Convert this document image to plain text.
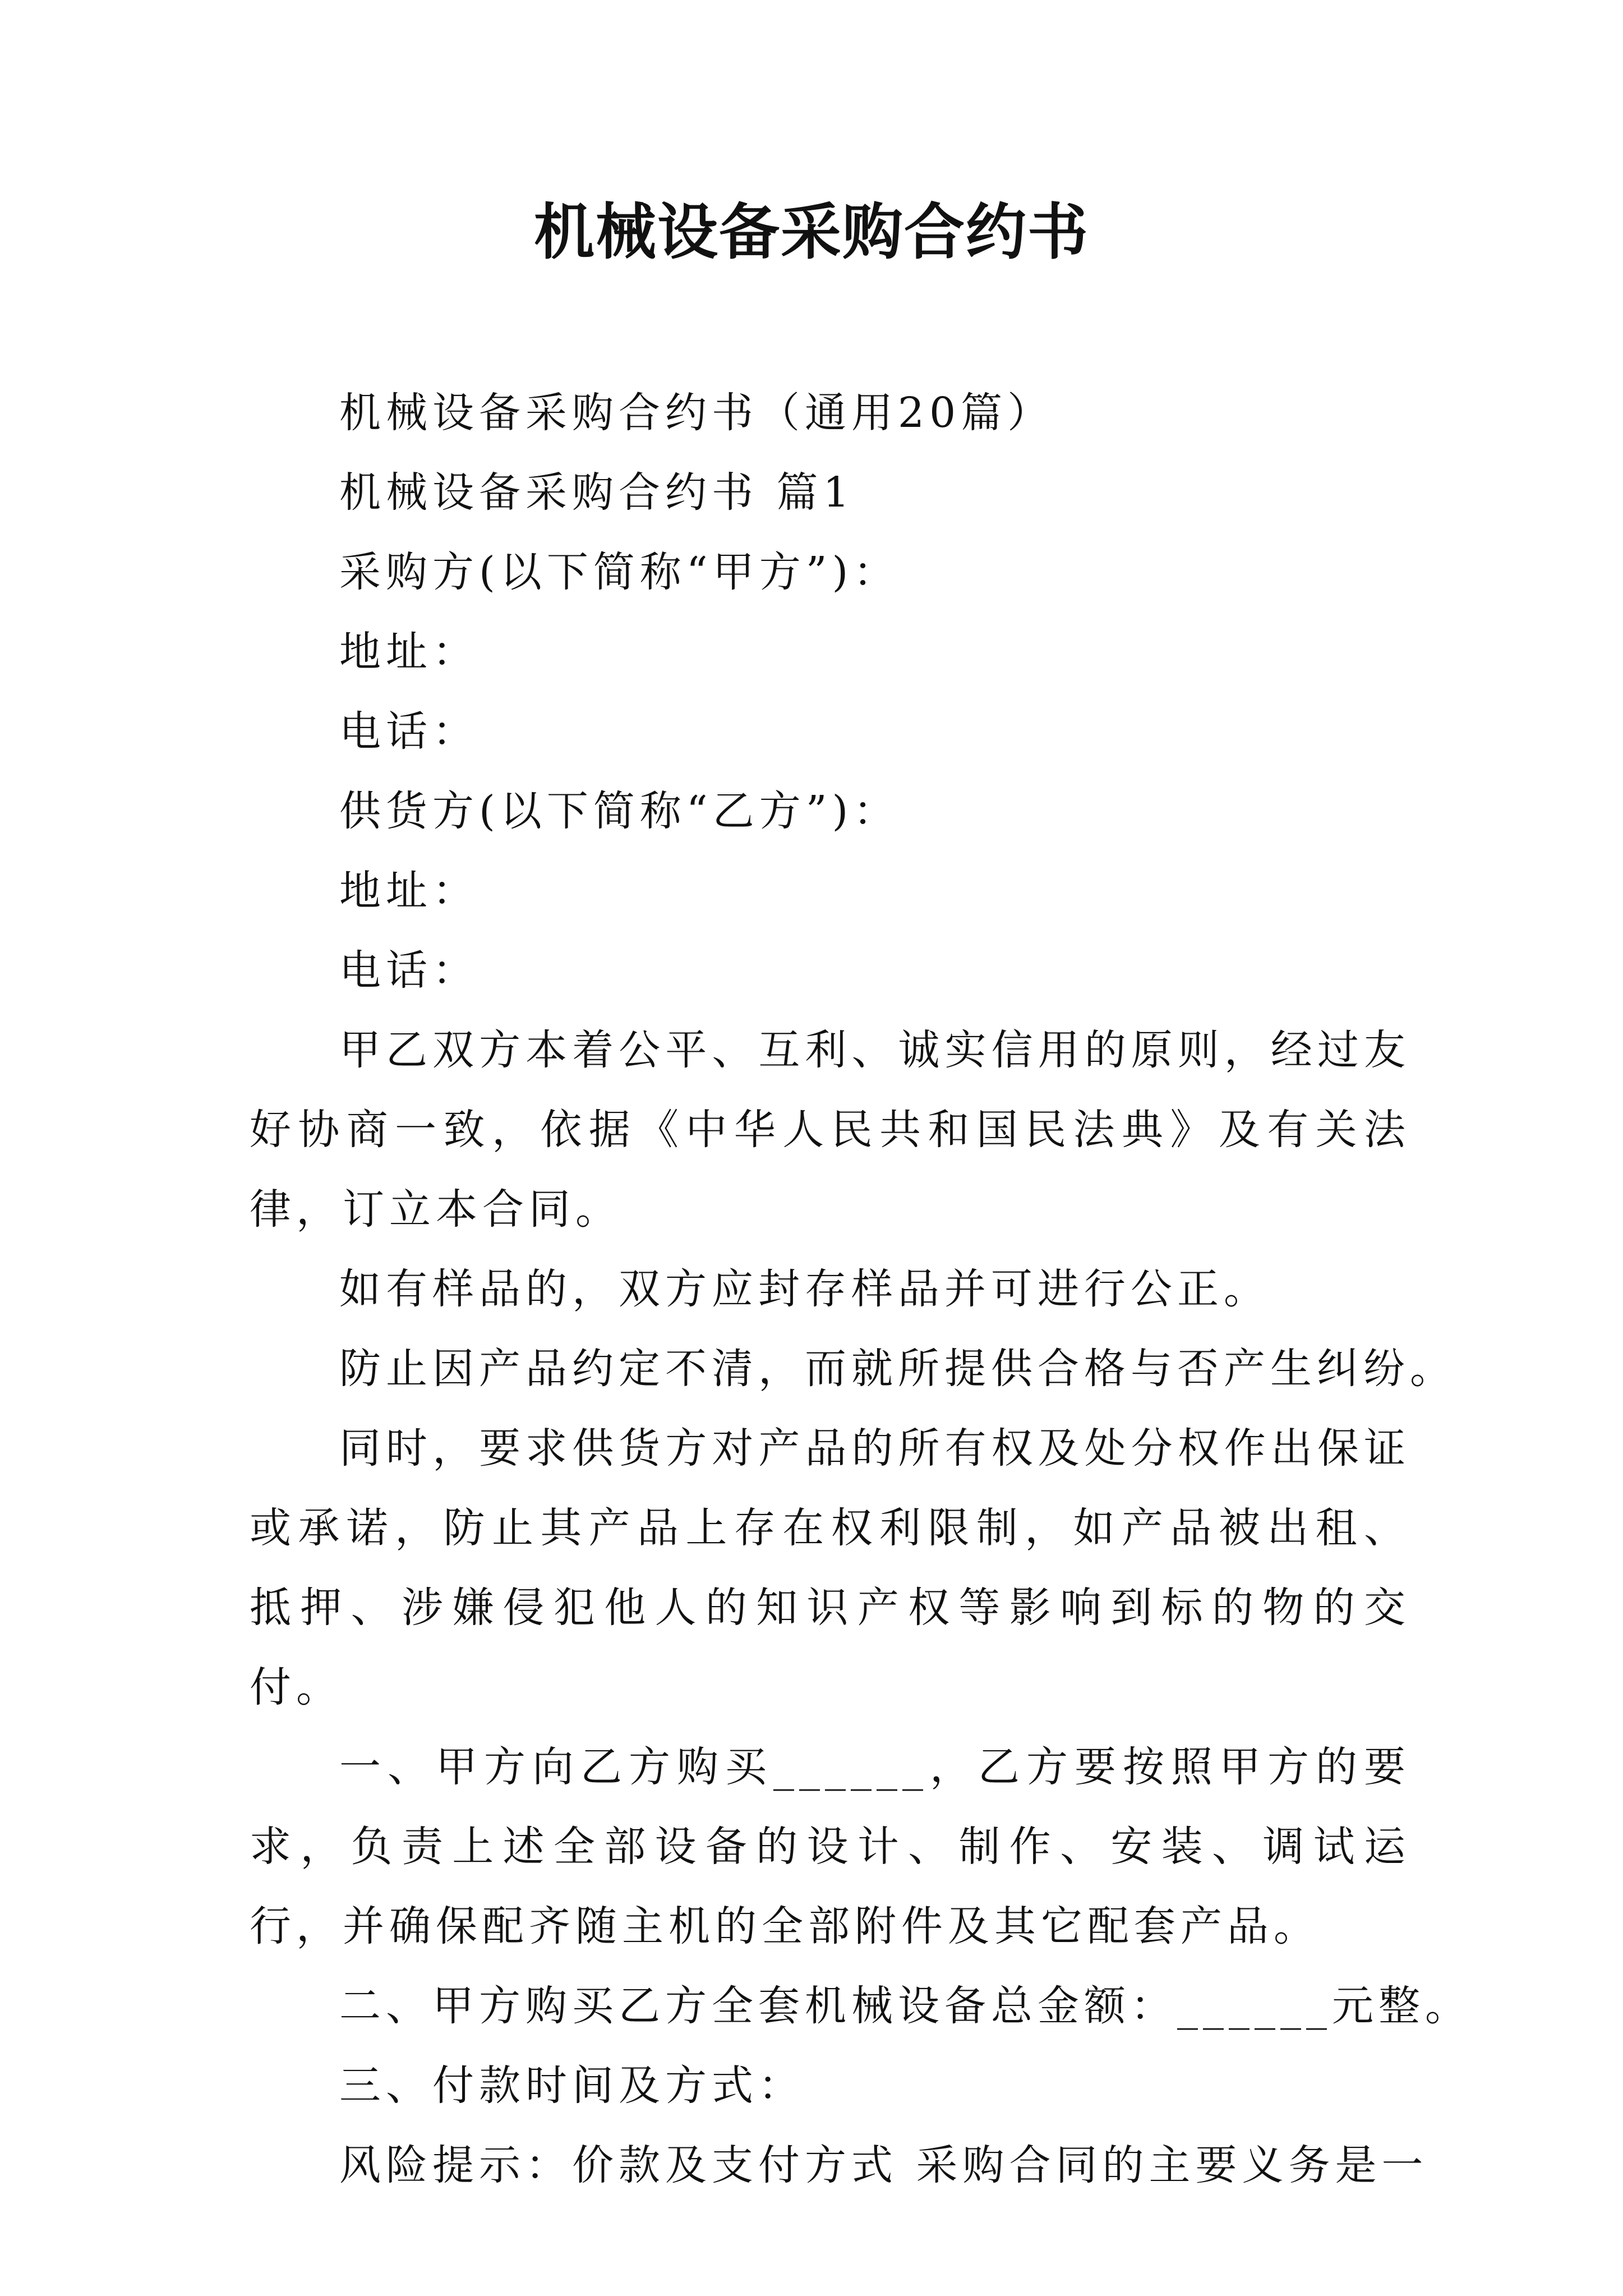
机械设备采购合约书

机械设备采购合约书（通用20篇）

机械设备采购合约书 篇1

采购方(以下简称“甲方”)：

地址：

电话：

供货方(以下简称“乙方”)：

地址：

电话：

甲乙双方本着公平、互利、诚实信用的原则，经过友好协商一致，依据《中华人民共和国民法典》及有关法律，订立本合同。

如有样品的，双方应封存样品并可进行公正。

防止因产品约定不清，而就所提供合格与否产生纠纷。

同时，要求供货方对产品的所有权及处分权作出保证或承诺，防止其产品上存在权利限制，如产品被出租、抵押、涉嫌侵犯他人的知识产权等影响到标的物的交付。

一、甲方向乙方购买______，乙方要按照甲方的要求，负责上述全部设备的设计、制作、安装、调试运行，并确保配齐随主机的全部附件及其它配套产品。

二、甲方购买乙方全套机械设备总金额：______元整。

三、付款时间及方式：

风险提示：价款及支付方式 采购合同的主要义务是一
